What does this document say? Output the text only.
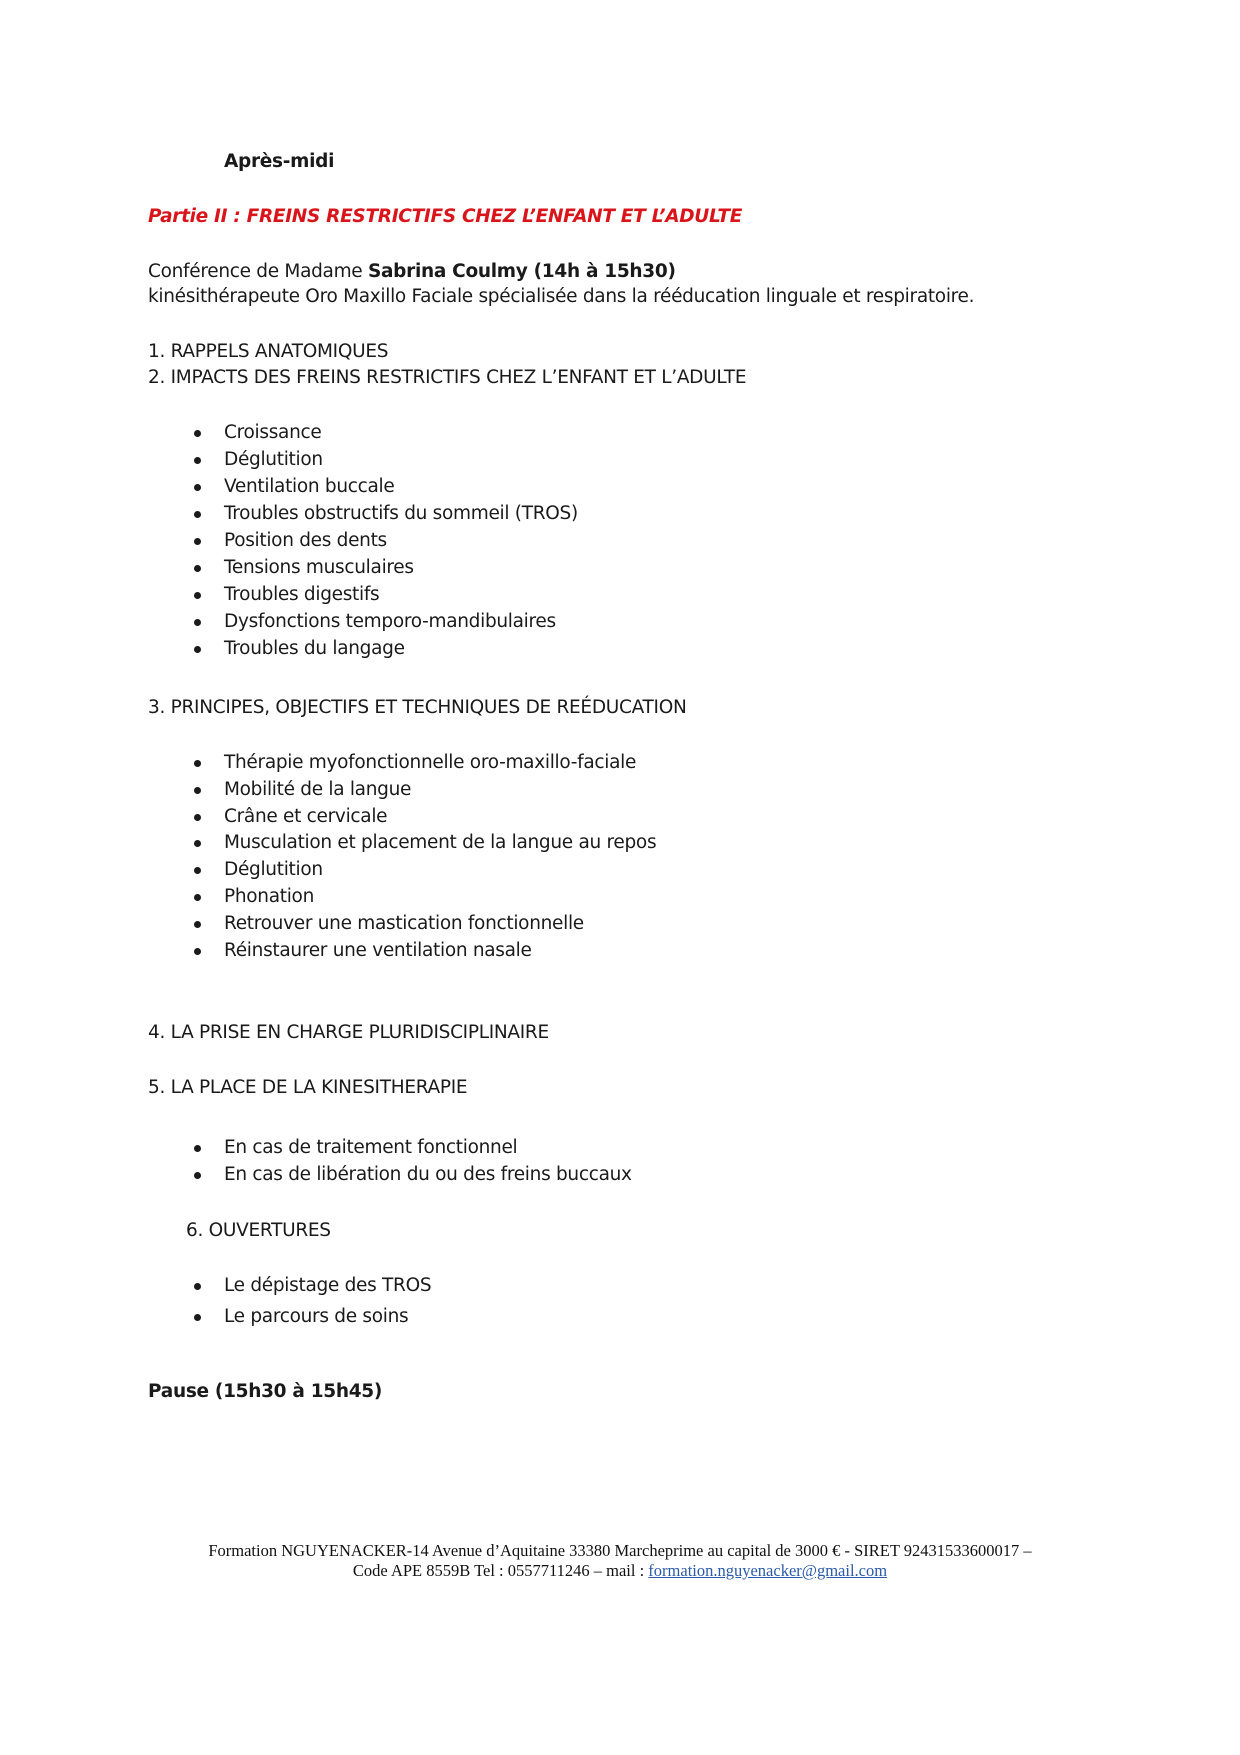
Après-midi
Partie II : FREINS RESTRICTIFS CHEZ L’ENFANT ET L’ADULTE
Conférence de Madame Sabrina Coulmy (14h à 15h30)
kinésithérapeute Oro Maxillo Faciale spécialisée dans la rééducation linguale et respiratoire.
1. RAPPELS ANATOMIQUES
2. IMPACTS DES FREINS RESTRICTIFS CHEZ L’ENFANT ET L’ADULTE
Croissance
Déglutition
Ventilation buccale
Troubles obstructifs du sommeil (TROS)
Position des dents
Tensions musculaires
Troubles digestifs
Dysfonctions temporo-mandibulaires
Troubles du langage
3. PRINCIPES, OBJECTIFS ET TECHNIQUES DE REÉDUCATION
Thérapie myofonctionnelle oro-maxillo-faciale
Mobilité de la langue
Crâne et cervicale
Musculation et placement de la langue au repos
Déglutition
Phonation
Retrouver une mastication fonctionnelle
Réinstaurer une ventilation nasale
4. LA PRISE EN CHARGE PLURIDISCIPLINAIRE
5. LA PLACE DE LA KINESITHERAPIE
En cas de traitement fonctionnel
En cas de libération du ou des freins buccaux
6. OUVERTURES
Le dépistage des TROS
Le parcours de soins
Pause (15h30 à 15h45)
Formation NGUYENACKER-14 Avenue d’Aquitaine 33380 Marcheprime au capital de 3000 € - SIRET 92431533600017 –
Code APE 8559B Tel : 0557711246 – mail : formation.nguyenacker@gmail.com
